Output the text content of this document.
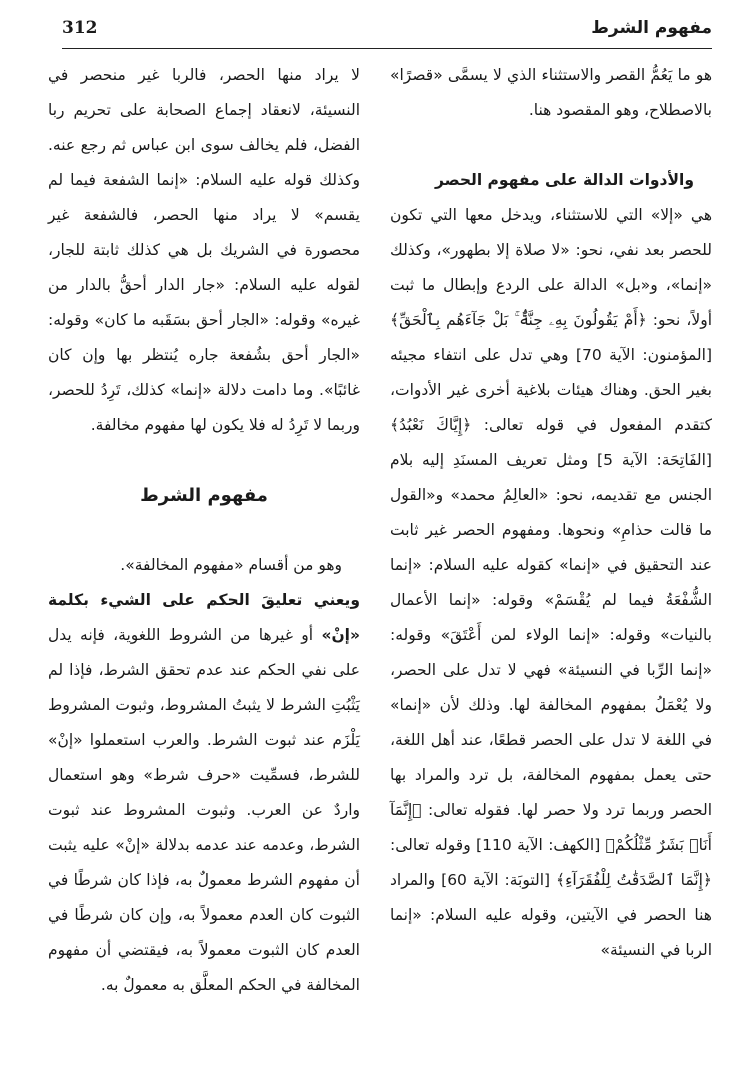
مفهوم الشرط
312

هو ما يَعُمُّ القصر والاستثناء الذي لا يسمَّى «قصرًا» بالاصطلاح، وهو المقصود هنا.

والأدوات الدالة على مفهوم الحصر

هي «إلا» التي للاستثناء، ويدخل معها التي تكون للحصر بعد نفي، نحو: «لا صلاة إلا بطهور»، وكذلك «إنما»، و«بل» الدالة على الردع وإبطال ما ثبت أولاً، نحو: ﴿أَمْ يَقُولُونَ بِهِۦ جِنَّةٌۢ ۚ بَلْ جَآءَهُم بِٱلْحَقِّ﴾ [المؤمنون: الآية 70] وهي تدل على انتفاء مجيئه بغير الحق. وهناك هيئات بلاغية أخرى غير الأدوات، كتقدم المفعول في قوله تعالى: ﴿إِيَّاكَ نَعْبُدُ﴾ [الفَاتِحَة: الآية 5] ومثل تعريف المسنَدِ إليه بلام الجنس مع تقديمه، نحو: «العالِمُ محمد» و«القول ما قالت حذامِ» ونحوها. ومفهوم الحصر غير ثابت عند التحقيق في «إنما» كقوله عليه السلام: «إنما الشُّفْعَةُ فيما لم يُقْسَمْ» وقوله: «إنما الأعمال بالنيات» وقوله: «إنما الولاء لمن أَعْتَقَ» وقوله: «إنما الرِّبا في النسيئة» فهي لا تدل على الحصر، ولا يُعْمَلُ بمفهوم المخالفة لها. وذلك لأن «إنما» في اللغة لا تدل على الحصر قطعًا، عند أهل اللغة، حتى يعمل بمفهوم المخالفة، بل ترد والمراد بها الحصر وربما ترد ولا حصر لها. فقوله تعالى: ﴿إِنَّمَآ أَنَا۠ بَشَرٌ مِّثْلُكُمْ﴾ [الكهف: الآية 110] وقوله تعالى: ﴿إِنَّمَا ٱلصَّدَقَٰتُ لِلْفُقَرَآءِ﴾ [التوبَة: الآية 60] والمراد هنا الحصر في الآيتين، وقوله عليه السلام: «إنما الربا في النسيئة»

لا يراد منها الحصر، فالربا غير منحصر في النسيئة، لانعقاد إجماع الصحابة على تحريم ربا الفضل، فلم يخالف سوى ابن عباس ثم رجع عنه. وكذلك قوله عليه السلام: «إنما الشفعة فيما لم يقسم» لا يراد منها الحصر، فالشفعة غير محصورة في الشريك بل هي كذلك ثابتة للجار، لقوله عليه السلام: «جار الدار أحقُّ بالدار من غيره» وقوله: «الجار أحق بسَقَبه ما كان» وقوله: «الجار أحق بشُفعة جاره يُنتظر بها وإن كان غائبًا». وما دامت دلالة «إنما» كذلك، تَرِدُ للحصر، وربما لا تَرِدُ له فلا يكون لها مفهوم مخالفة.

مفهوم الشرط

وهو من أقسام «مفهوم المخالفة».

ويعني تعليقَ الحكم على الشيء بكلمة «إنْ» أو غيرها من الشروط اللغوية، فإنه يدل على نفي الحكم عند عدم تحقق الشرط، فإذا لم يَثْبُتِ الشرط لا يثبتُ المشروط، وثبوت المشروط يَلْزَم عند ثبوت الشرط. والعرب استعملوا «إنْ» للشرط، فسمِّيت «حرف شرط» وهو استعمال واردٌ عن العرب. وثبوت المشروط عند ثبوت الشرط، وعدمه عند عدمه بدلالة «إنْ» عليه يثبت أن مفهوم الشرط معمولٌ به، فإذا كان شرطًا في الثبوت كان العدم معمولاً به، وإن كان شرطًا في العدم كان الثبوت معمولاً به، فيقتضي أن مفهوم المخالفة في الحكم المعلَّق به معمولٌ به.
